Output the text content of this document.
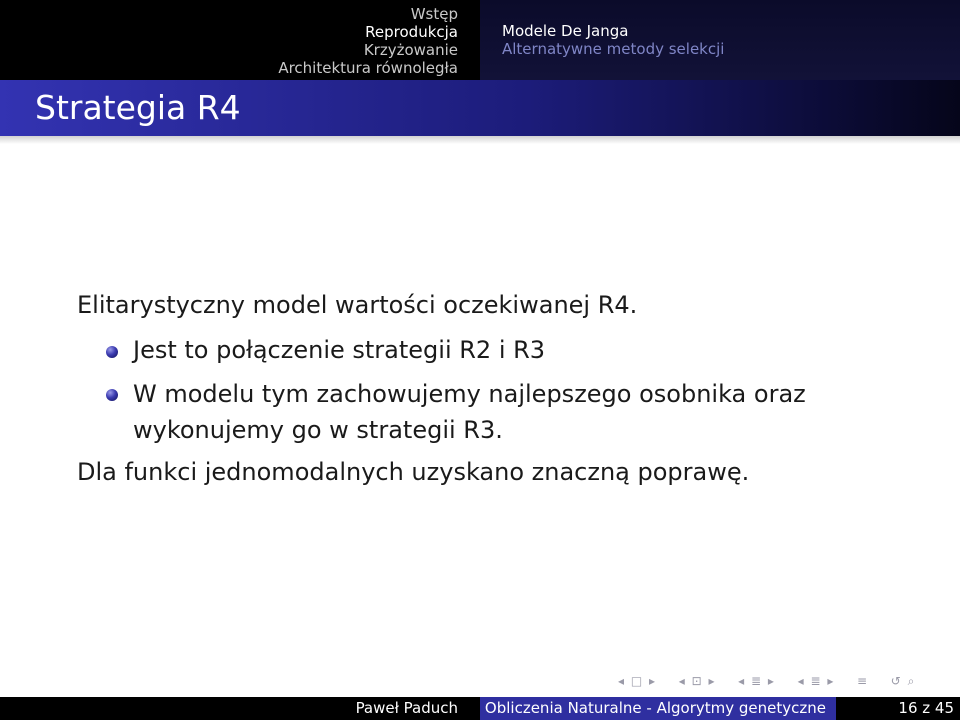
Wstęp
Reprodukcja
Krzyżowanie
Architektura równoległa
Modele De Janga
Alternatywne metody selekcji
Strategia R4
Elitarystyczny model wartości oczekiwanej R4.
Jest to połączenie strategii R2 i R3
W modelu tym zachowujemy najlepszego osobnika oraz
wykonujemy go w strategii R3.
Dla funkci jednomodalnych uzyskano znaczną poprawę.
◂ □ ▸ ◂ ⊡ ▸ ◂ ≣ ▸ ◂ ≣ ▸ ≡ ↺ ⌕
Paweł Paduch	Obliczenia Naturalne - Algorytmy genetyczne	16 z 45
